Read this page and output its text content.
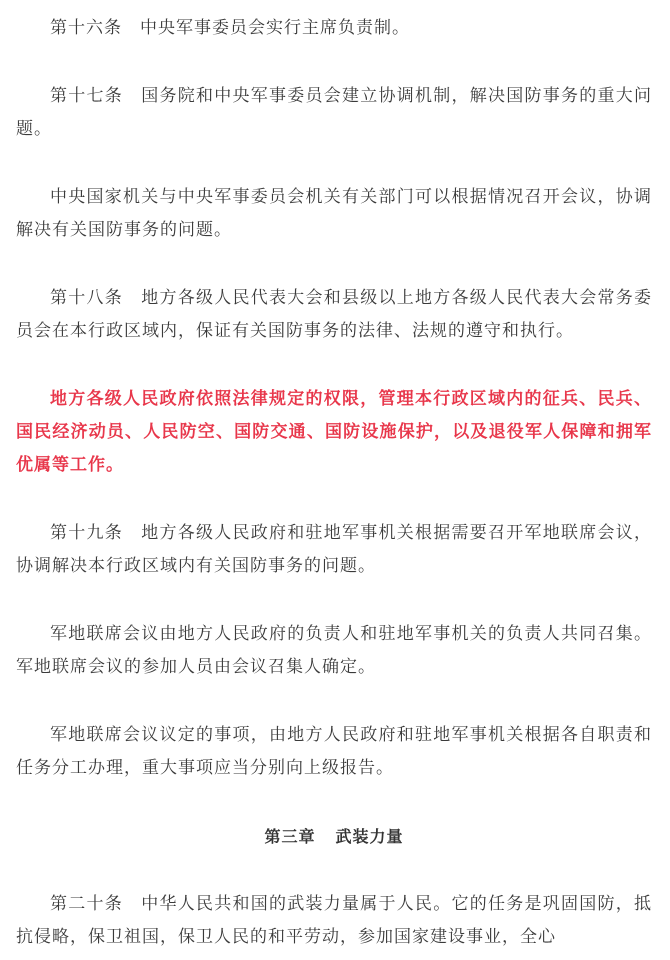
第十六条　中央军事委员会实行主席负责制。

第十七条　国务院和中央军事委员会建立协调机制，解决国防事务的重大问题。

中央国家机关与中央军事委员会机关有关部门可以根据情况召开会议，协调解决有关国防事务的问题。

第十八条　地方各级人民代表大会和县级以上地方各级人民代表大会常务委员会在本行政区域内，保证有关国防事务的法律、法规的遵守和执行。

地方各级人民政府依照法律规定的权限，管理本行政区域内的征兵、民兵、国民经济动员、人民防空、国防交通、国防设施保护，以及退役军人保障和拥军优属等工作。

第十九条　地方各级人民政府和驻地军事机关根据需要召开军地联席会议，协调解决本行政区域内有关国防事务的问题。

军地联席会议由地方人民政府的负责人和驻地军事机关的负责人共同召集。军地联席会议的参加人员由会议召集人确定。

军地联席会议议定的事项，由地方人民政府和驻地军事机关根据各自职责和任务分工办理，重大事项应当分别向上级报告。

第三章 武装力量

第二十条　中华人民共和国的武装力量属于人民。它的任务是巩固国防，抵抗侵略，保卫祖国，保卫人民的和平劳动，参加国家建设事业，全心
